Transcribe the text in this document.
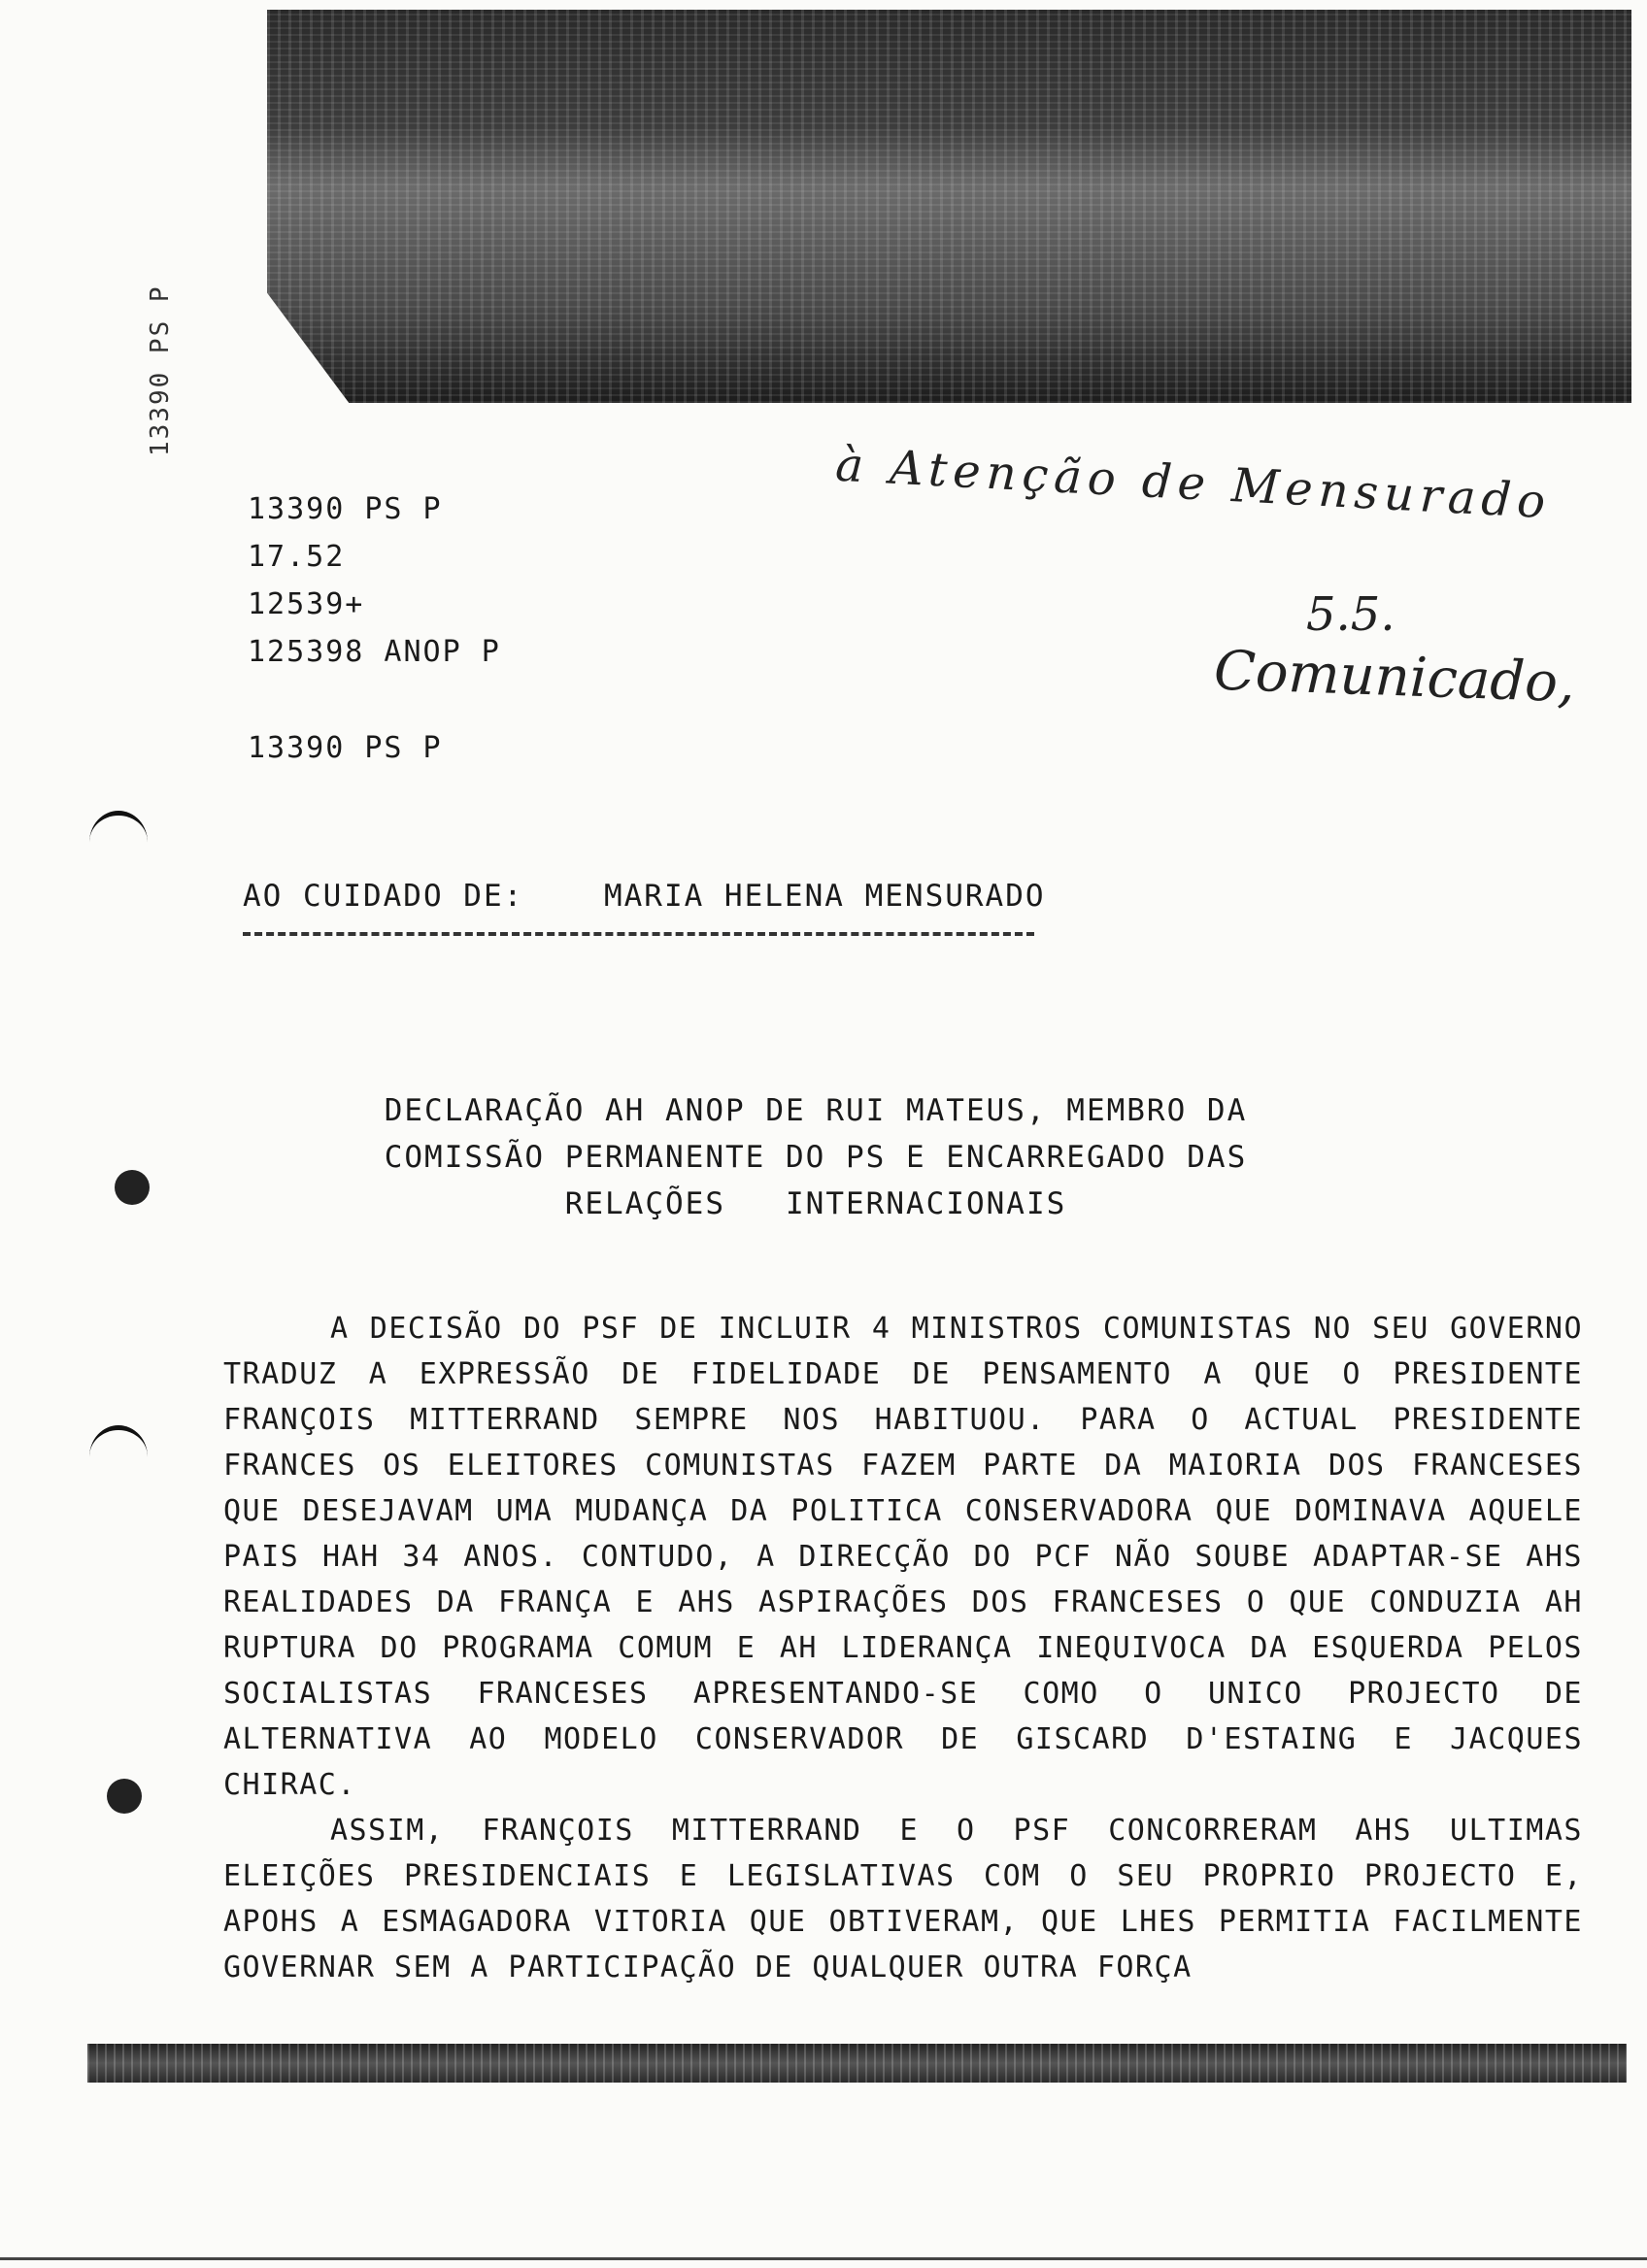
13390 PS P
13390 PS P
17.52
12539+
125398 ANOP P
13390 PS P
à Atenção de Mensurado
5.5.
Comunicado,
AO CUIDADO DE:	MARIA HELENA MENSURADO
DECLARAÇÃO AH ANOP DE RUI MATEUS, MEMBRO DA
COMISSÃO PERMANENTE DO PS E ENCARREGADO DAS
RELAÇÕES   INTERNACIONAIS

A DECISÃO DO PSF DE INCLUIR 4 MINISTROS COMUNISTAS NO SEU GOVERNO TRADUZ A EXPRESSÃO DE FIDELIDADE DE PENSAMENTO A QUE O PRESIDENTE FRANÇOIS MITTERRAND SEMPRE NOS HABITUOU. PARA O ACTUAL PRESIDENTE FRANCES OS ELEITORES COMUNISTAS FAZEM PARTE DA MAIORIA DOS FRANCESES QUE DESEJAVAM UMA MUDANÇA DA POLITICA CONSERVADORA QUE DOMINAVA AQUELE PAIS HAH 34 ANOS. CONTUDO, A DIRECÇÃO DO PCF NÃO SOUBE ADAPTAR-SE AHS REALIDADES DA FRANÇA E AHS ASPIRAÇÕES DOS FRANCESES O QUE CONDUZIA AH RUPTURA DO PROGRAMA COMUM E AH LIDERANÇA INEQUIVOCA DA ESQUERDA PELOS SOCIALISTAS FRANCESES APRESENTANDO-SE COMO O UNICO PROJECTO DE ALTERNATIVA AO MODELO CONSERVADOR DE GISCARD D'ESTAING E JACQUES CHIRAC.

ASSIM, FRANÇOIS MITTERRAND E O PSF CONCORRERAM AHS ULTIMAS ELEIÇÕES PRESIDENCIAIS E LEGISLATIVAS COM O SEU PROPRIO PROJECTO E, APOHS A ESMAGADORA VITORIA QUE OBTIVERAM, QUE LHES PERMITIA FACILMENTE GOVERNAR SEM A PARTICIPAÇÃO DE QUALQUER OUTRA FORÇA
